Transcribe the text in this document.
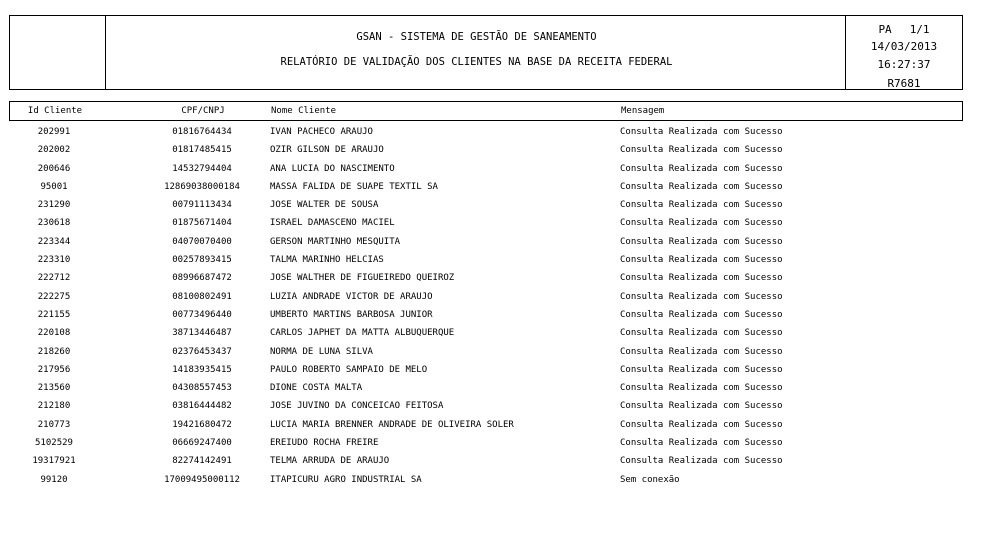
GSAN - SISTEMA DE GESTÃO DE SANEAMENTO
RELATÓRIO DE VALIDAÇÃO DOS CLIENTES NA BASE DA RECEITA FEDERAL
PA 1/1
14/03/2013
16:27:37
R7681
Id Cliente	CPF/CNPJ	Nome Cliente	Mensagem
202991	01816764434	IVAN PACHECO ARAUJO	Consulta Realizada com Sucesso
202002	01817485415	OZIR GILSON DE ARAUJO	Consulta Realizada com Sucesso
200646	14532794404	ANA LUCIA DO NASCIMENTO	Consulta Realizada com Sucesso
95001	12869038000184	MASSA FALIDA DE SUAPE TEXTIL SA	Consulta Realizada com Sucesso
231290	00791113434	JOSE WALTER DE SOUSA	Consulta Realizada com Sucesso
230618	01875671404	ISRAEL DAMASCENO MACIEL	Consulta Realizada com Sucesso
223344	04070070400	GERSON MARTINHO MESQUITA	Consulta Realizada com Sucesso
223310	00257893415	TALMA MARINHO HELCIAS	Consulta Realizada com Sucesso
222712	08996687472	JOSE WALTHER DE FIGUEIREDO QUEIROZ	Consulta Realizada com Sucesso
222275	08100802491	LUZIA ANDRADE VICTOR DE ARAUJO	Consulta Realizada com Sucesso
221155	00773496440	UMBERTO MARTINS BARBOSA JUNIOR	Consulta Realizada com Sucesso
220108	38713446487	CARLOS JAPHET DA MATTA ALBUQUERQUE	Consulta Realizada com Sucesso
218260	02376453437	NORMA DE LUNA SILVA	Consulta Realizada com Sucesso
217956	14183935415	PAULO ROBERTO SAMPAIO DE MELO	Consulta Realizada com Sucesso
213560	04308557453	DIONE COSTA MALTA	Consulta Realizada com Sucesso
212180	03816444482	JOSE JUVINO DA CONCEICAO FEITOSA	Consulta Realizada com Sucesso
210773	19421680472	LUCIA MARIA BRENNER ANDRADE DE OLIVEIRA SOLER	Consulta Realizada com Sucesso
5102529	06669247400	EREIUDO ROCHA FREIRE	Consulta Realizada com Sucesso
19317921	82274142491	TELMA ARRUDA DE ARAUJO	Consulta Realizada com Sucesso
99120	17009495000112	ITAPICURU AGRO INDUSTRIAL SA	Sem conexão
